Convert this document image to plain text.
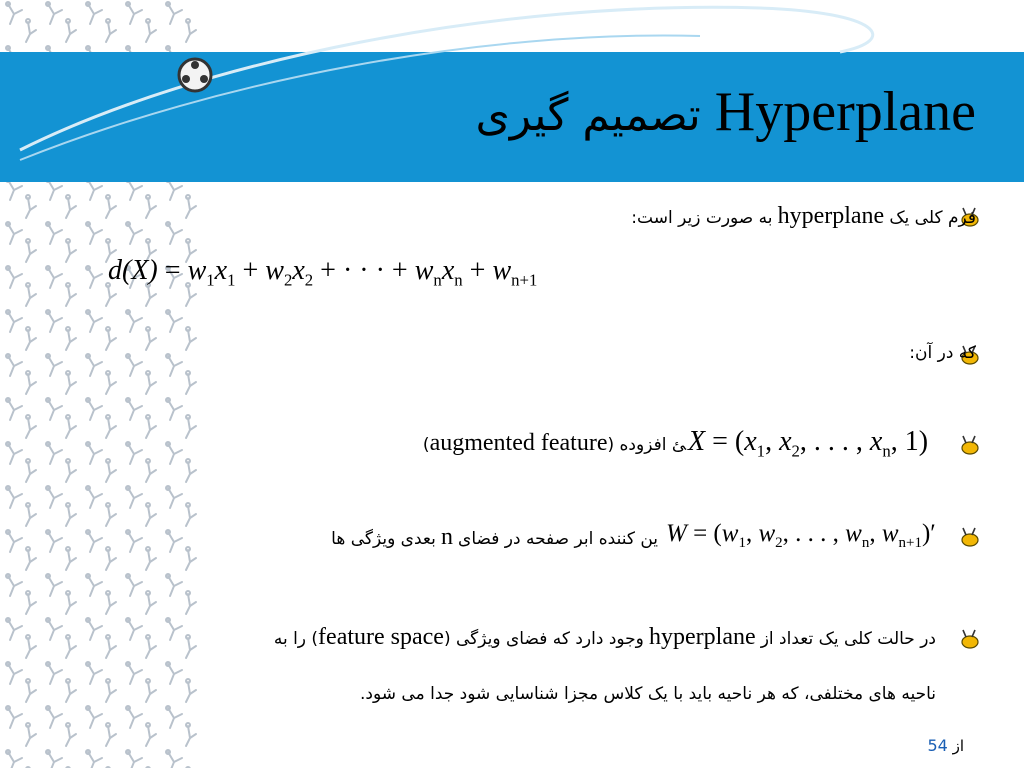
Hyperplane تصمیم گیری
فرم کلی یک hyperplane به صورت زیر است:
$d(X) = w_1x_1 + w_2x_2$ + · · · + $w_nx_n + w_{n+1}$
که در آن:
$X = (x_1$, $x_2$, . . . , $x_n$, 1)
ﺊ افزوده (augmented feature)
$W = (w_1$, $w_2$, . . . , $w_n$, $w_{n+1})'$
ﯾﻦ کننده ابر صفحه در فضای n بعدی ویژگی ها
در حالت کلی یک تعداد از hyperplane وجود دارد که فضای ویژگی (feature space) را به
ناحیه های مختلفی، که هر ناحیه باید با یک کلاس مجزا شناسایی شود جدا می شود.
از 54
